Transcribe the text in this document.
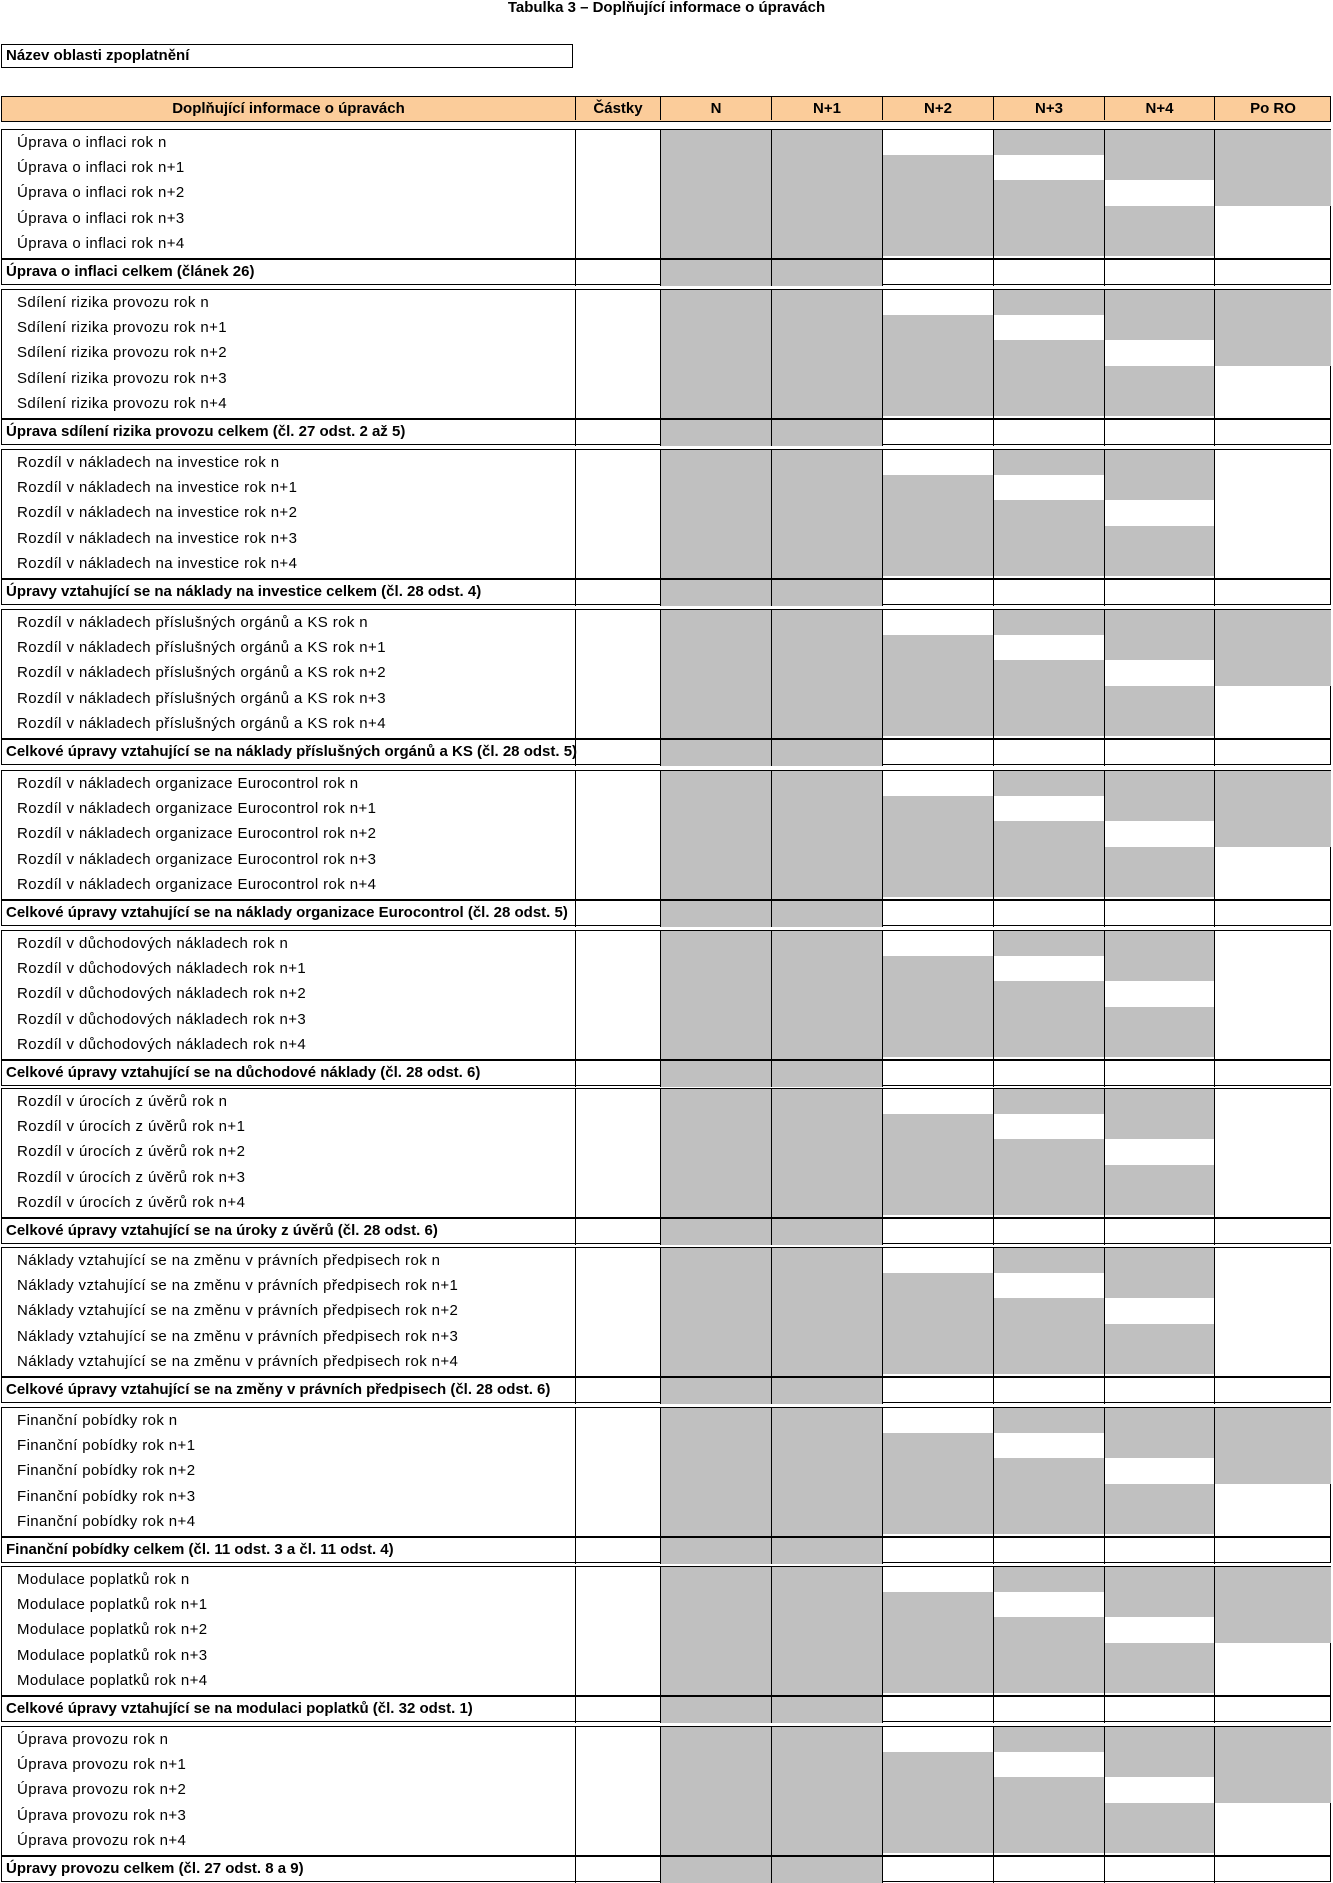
Tabulka 3 – Doplňující informace o úpravách
Název oblasti zpoplatnění
Doplňující informace o úpravách	Částky	N	N+1	N+2	N+3	N+4	Po RO
Úprava o inflaci rok n
Úprava o inflaci rok n+1
Úprava o inflaci rok n+2
Úprava o inflaci rok n+3
Úprava o inflaci rok n+4
Úprava o inflaci celkem (článek 26)
Sdílení rizika provozu rok n
Sdílení rizika provozu rok n+1
Sdílení rizika provozu rok n+2
Sdílení rizika provozu rok n+3
Sdílení rizika provozu rok n+4
Úprava sdílení rizika provozu celkem (čl. 27 odst. 2 až 5)
Rozdíl v nákladech na investice rok n
Rozdíl v nákladech na investice rok n+1
Rozdíl v nákladech na investice rok n+2
Rozdíl v nákladech na investice rok n+3
Rozdíl v nákladech na investice rok n+4
Úpravy vztahující se na náklady na investice celkem (čl. 28 odst. 4)
Rozdíl v nákladech příslušných orgánů a KS rok n
Rozdíl v nákladech příslušných orgánů a KS rok n+1
Rozdíl v nákladech příslušných orgánů a KS rok n+2
Rozdíl v nákladech příslušných orgánů a KS rok n+3
Rozdíl v nákladech příslušných orgánů a KS rok n+4
Celkové úpravy vztahující se na náklady příslušných orgánů a KS (čl. 28 odst. 5)
Rozdíl v nákladech organizace Eurocontrol rok n
Rozdíl v nákladech organizace Eurocontrol rok n+1
Rozdíl v nákladech organizace Eurocontrol rok n+2
Rozdíl v nákladech organizace Eurocontrol rok n+3
Rozdíl v nákladech organizace Eurocontrol rok n+4
Celkové úpravy vztahující se na náklady organizace Eurocontrol (čl. 28 odst. 5)
Rozdíl v důchodových nákladech rok n
Rozdíl v důchodových nákladech rok n+1
Rozdíl v důchodových nákladech rok n+2
Rozdíl v důchodových nákladech rok n+3
Rozdíl v důchodových nákladech rok n+4
Celkové úpravy vztahující se na důchodové náklady (čl. 28 odst. 6)
Rozdíl v úrocích z úvěrů rok n
Rozdíl v úrocích z úvěrů rok n+1
Rozdíl v úrocích z úvěrů rok n+2
Rozdíl v úrocích z úvěrů rok n+3
Rozdíl v úrocích z úvěrů rok n+4
Celkové úpravy vztahující se na úroky z úvěrů (čl. 28 odst. 6)
Náklady vztahující se na změnu v právních předpisech rok n
Náklady vztahující se na změnu v právních předpisech rok n+1
Náklady vztahující se na změnu v právních předpisech rok n+2
Náklady vztahující se na změnu v právních předpisech rok n+3
Náklady vztahující se na změnu v právních předpisech rok n+4
Celkové úpravy vztahující se na změny v právních předpisech (čl. 28 odst. 6)
Finanční pobídky rok n
Finanční pobídky rok n+1
Finanční pobídky rok n+2
Finanční pobídky rok n+3
Finanční pobídky rok n+4
Finanční pobídky celkem (čl. 11 odst. 3 a čl. 11 odst. 4)
Modulace poplatků rok n
Modulace poplatků rok n+1
Modulace poplatků rok n+2
Modulace poplatků rok n+3
Modulace poplatků rok n+4
Celkové úpravy vztahující se na modulaci poplatků (čl. 32 odst. 1)
Úprava provozu rok n
Úprava provozu rok n+1
Úprava provozu rok n+2
Úprava provozu rok n+3
Úprava provozu rok n+4
Úpravy provozu celkem (čl. 27 odst. 8 a 9)
